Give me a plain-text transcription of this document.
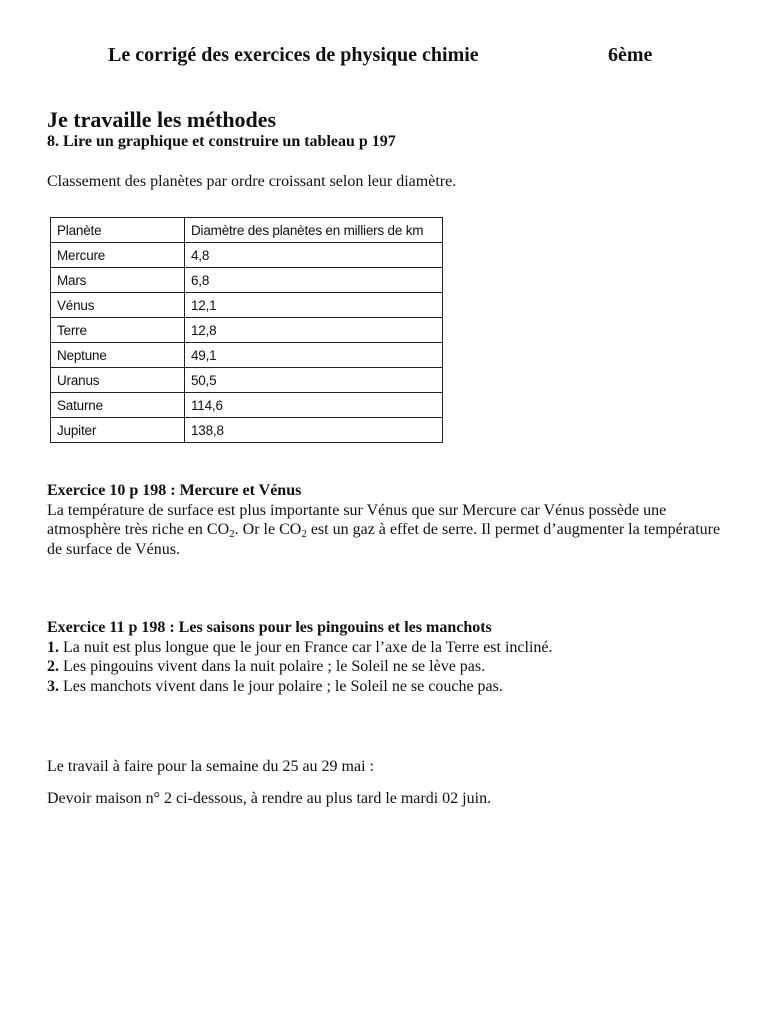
Le corrigé des exercices de physique chimie	6ème
Je travaille les méthodes
8. Lire un graphique et construire un tableau p 197
Classement des planètes par ordre croissant selon leur diamètre.
Planète	Diamètre des planètes en milliers de km
Mercure	4,8
Mars	6,8
Vénus	12,1
Terre	12,8
Neptune	49,1
Uranus	50,5
Saturne	114,6
Jupiter	138,8
Exercice 10 p 198 : Mercure et Vénus
La température de surface est plus importante sur Vénus que sur Mercure car Vénus possède une atmosphère très riche en $CO_2$. Or le $CO_2$ est un gaz à effet de serre. Il permet d’augmenter la température de surface de Vénus.
Exercice 11 p 198 : Les saisons pour les pingouins et les manchots
1. La nuit est plus longue que le jour en France car l’axe de la Terre est incliné.
2. Les pingouins vivent dans la nuit polaire ; le Soleil ne se lève pas.
3. Les manchots vivent dans le jour polaire ; le Soleil ne se couche pas.
Le travail à faire pour la semaine du 25 au 29 mai :
Devoir maison n° 2 ci-dessous, à rendre au plus tard le mardi 02 juin.
